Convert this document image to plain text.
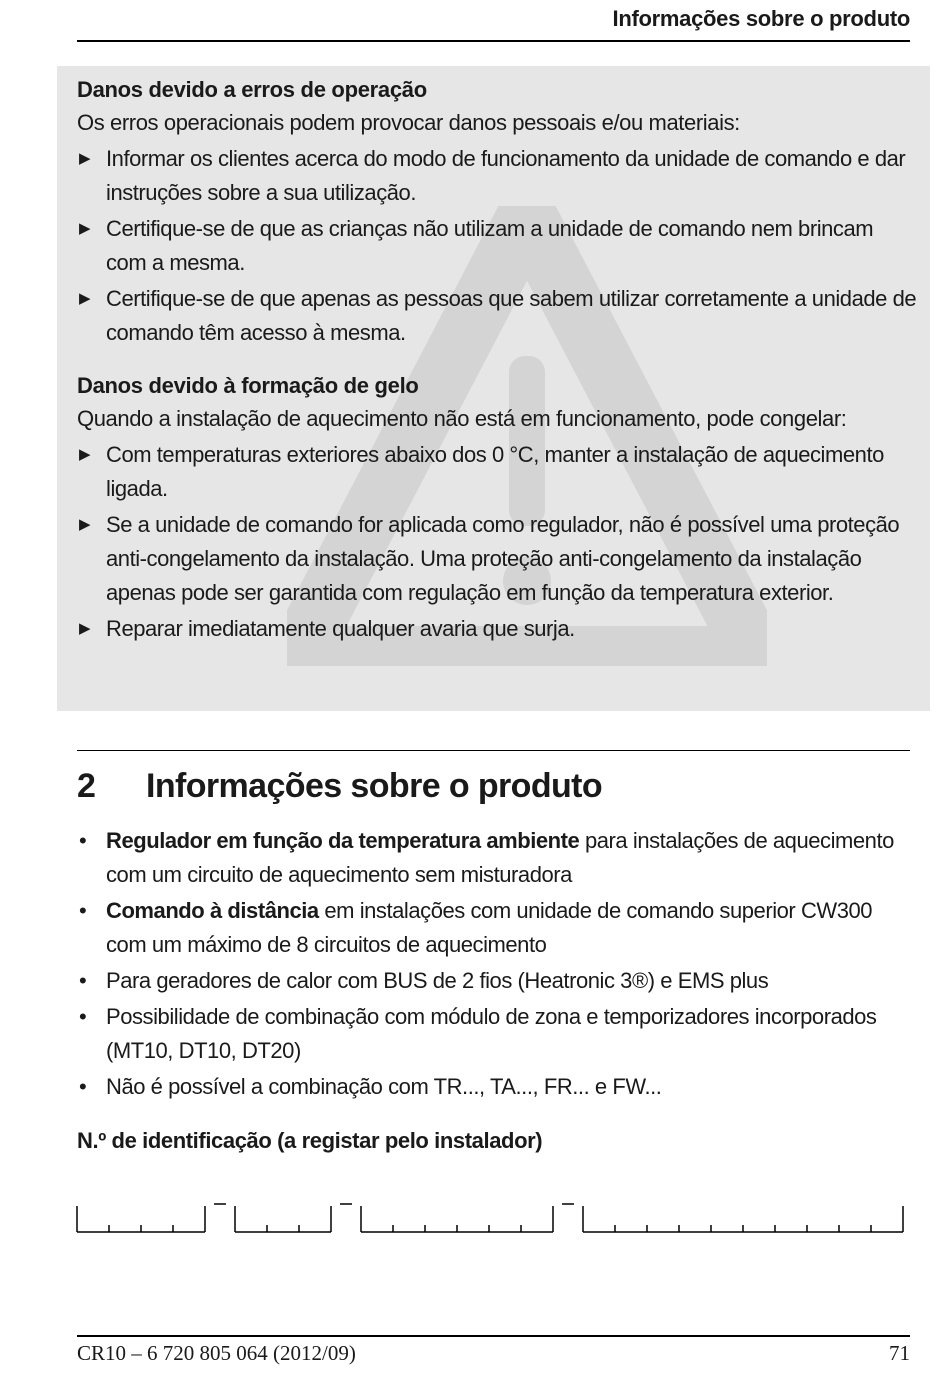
Informações sobre o produto

Danos devido a erros de operação

Os erros operacionais podem provocar danos pessoais e/ou materiais:

▶ Informar os clientes acerca do modo de funcionamento da unidade de comando e dar instruções sobre a sua utilização.
▶ Certifique-se de que as crianças não utilizam a unidade de comando nem brincam com a mesma.
▶ Certifique-se de que apenas as pessoas que sabem utilizar corretamente a unidade de comando têm acesso à mesma.

Danos devido à formação de gelo

Quando a instalação de aquecimento não está em funcionamento, pode congelar:

▶ Com temperaturas exteriores abaixo dos 0 °C, manter a instalação de aquecimento ligada.
▶ Se a unidade de comando for aplicada como regulador, não é possível uma proteção anti-congelamento da instalação. Uma proteção anti-congelamento da instalação apenas pode ser garantida com regulação em função da temperatura exterior.
▶ Reparar imediatamente qualquer avaria que surja.
2 Informações sobre o produto
• Regulador em função da temperatura ambiente para instalações de aquecimento com um circuito de aquecimento sem misturadora
• Comando à distância em instalações com unidade de comando superior CW300 com um máximo de 8 circuitos de aquecimento
• Para geradores de calor com BUS de 2 fios (Heatronic 3®) e EMS plus
• Possibilidade de combinação com módulo de zona e temporizadores incorporados (MT10, DT10, DT20)
• Não é possível a combinação com TR..., TA..., FR... e FW...
N.º de identificação (a registar pelo instalador)
CR10 – 6 720 805 064 (2012/09)	71
